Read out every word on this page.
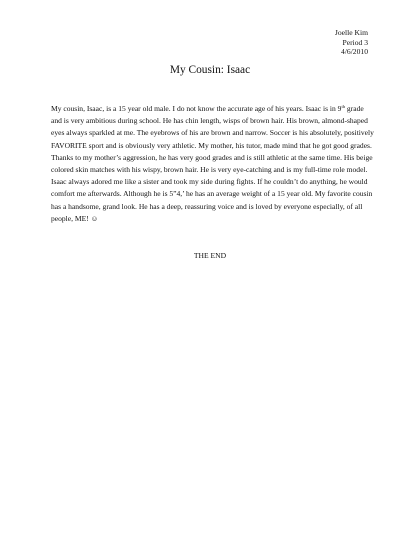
Joelle Kim
Period 3
4/6/2010
My Cousin: Isaac
My cousin, Isaac, is a 15 year old male. I do not know the accurate age of his years. Isaac is in 9th grade and is very ambitious during school. He has chin length, wisps of brown hair. His brown, almond-shaped eyes always sparkled at me. The eyebrows of his are brown and narrow. Soccer is his absolutely, positively FAVORITE sport and is obviously very athletic. My mother, his tutor, made mind that he got good grades. Thanks to my mother’s aggression, he has very good grades and is still athletic at the same time. His beige colored skin matches with his wispy, brown hair. He is very eye-catching and is my full-time role model. Isaac always adored me like a sister and took my side during fights. If he couldn’t do anything, he would comfort me afterwards. Although he is 5”4,’ he has an average weight of a 15 year old. My favorite cousin has a handsome, grand look. He has a deep, reassuring voice and is loved by everyone especially, of all people, ME! ☺
THE END
